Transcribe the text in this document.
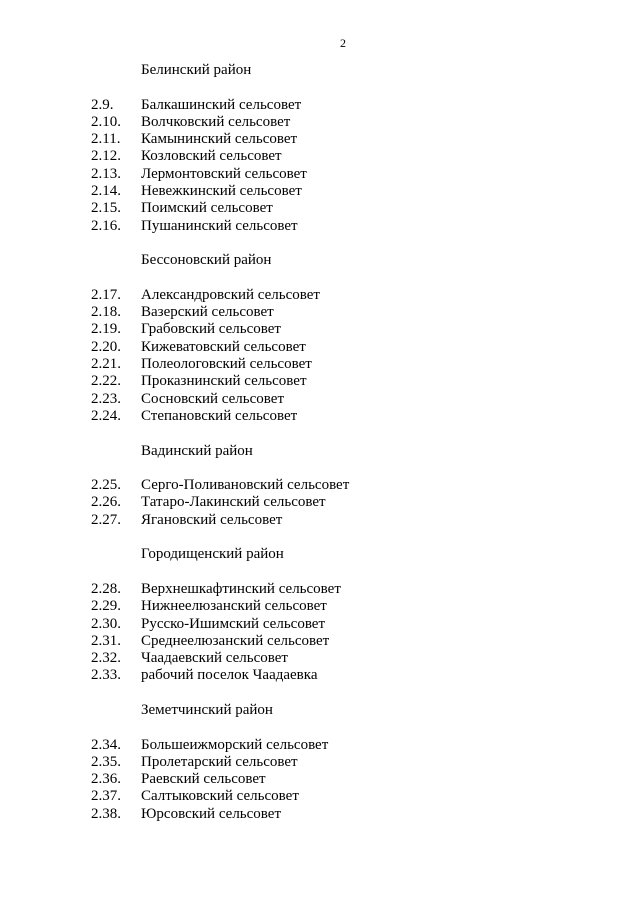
2
Белинский район
2.9. Балкашинский сельсовет
2.10. Волчковский сельсовет
2.11. Камынинский сельсовет
2.12. Козловский сельсовет
2.13. Лермонтовский сельсовет
2.14. Невежкинский сельсовет
2.15. Поимский сельсовет
2.16. Пушанинский сельсовет
Бессоновский район
2.17. Александровский сельсовет
2.18. Вазерский сельсовет
2.19. Грабовский сельсовет
2.20. Кижеватовский сельсовет
2.21. Полеологовский сельсовет
2.22. Проказнинский сельсовет
2.23. Сосновский сельсовет
2.24. Степановский сельсовет
Вадинский район
2.25. Серго-Поливановский сельсовет
2.26. Татаро-Лакинский сельсовет
2.27. Ягановский сельсовет
Городищенский район
2.28. Верхнешкафтинский сельсовет
2.29. Нижнеелюзанский сельсовет
2.30. Русско-Ишимский сельсовет
2.31. Среднеелюзанский сельсовет
2.32. Чаадаевский сельсовет
2.33. рабочий поселок Чаадаевка
Земетчинский район
2.34. Большеижморский сельсовет
2.35. Пролетарский сельсовет
2.36. Раевский сельсовет
2.37. Салтыковский сельсовет
2.38. Юрсовский сельсовет
